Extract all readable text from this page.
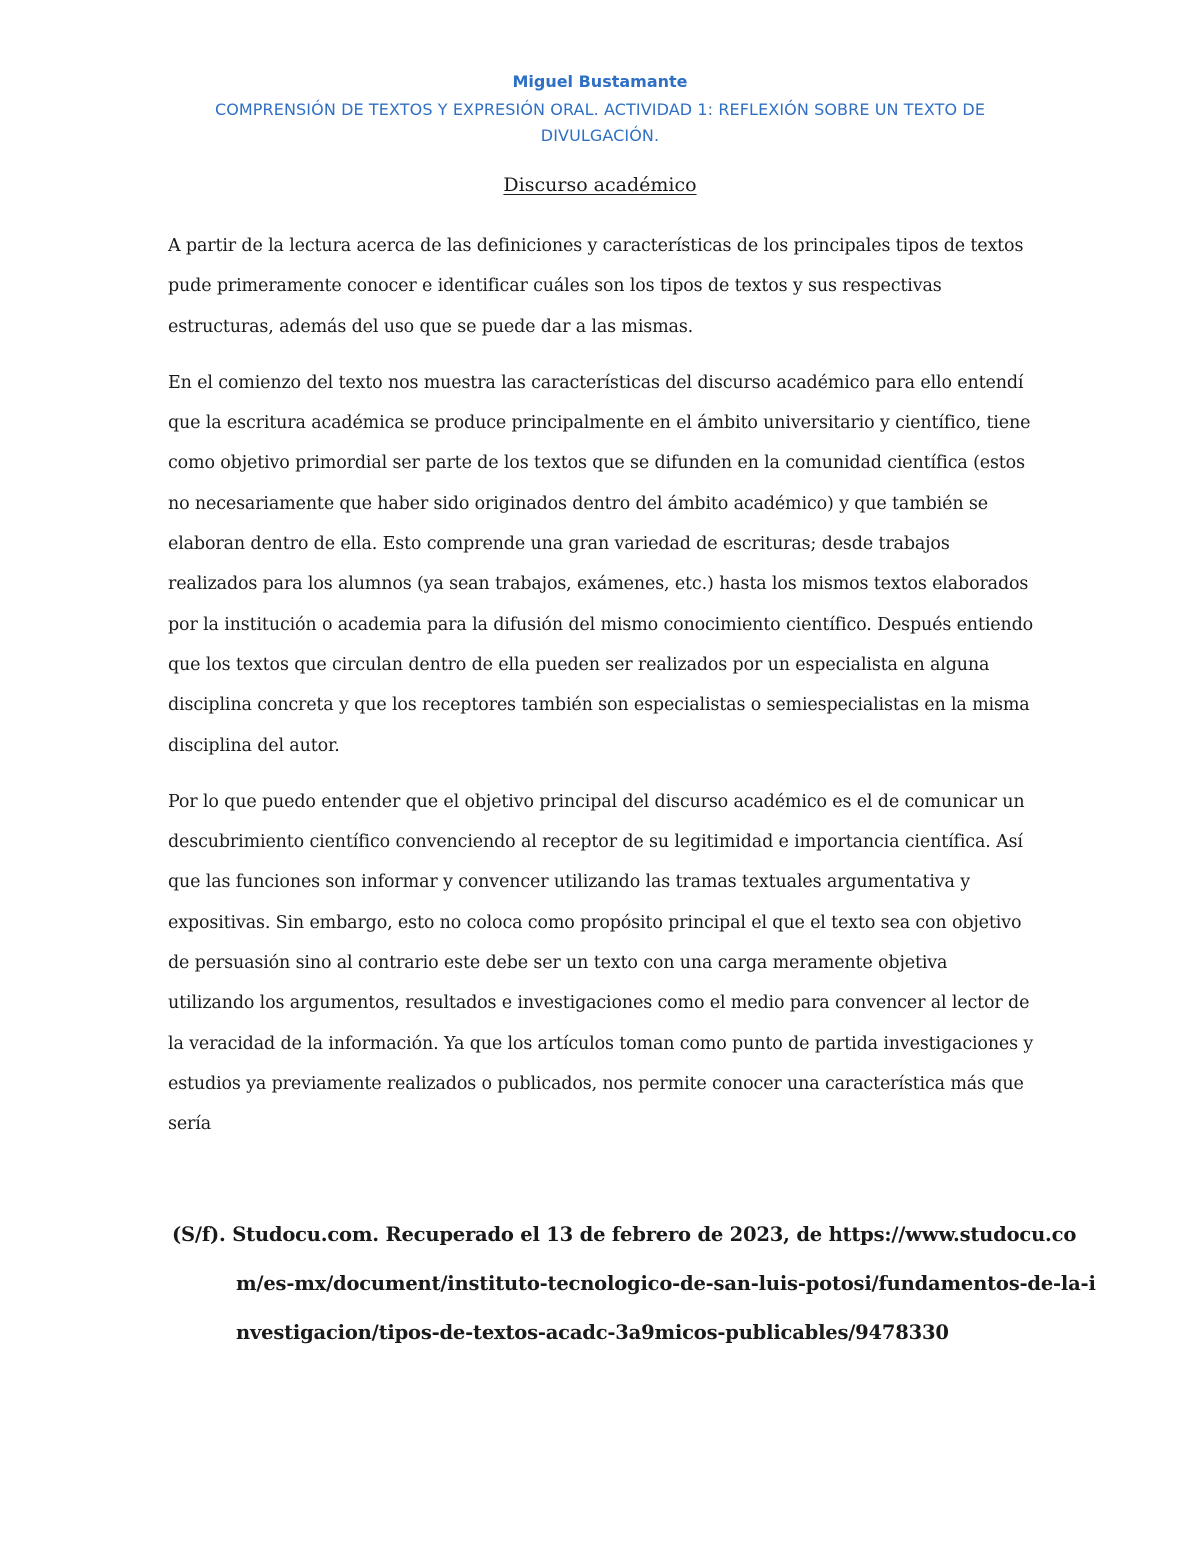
Miguel Bustamante
COMPRENSIÓN DE TEXTOS Y EXPRESIÓN ORAL. ACTIVIDAD 1: REFLEXIÓN SOBRE UN TEXTO DE DIVULGACIÓN.
Discurso académico

A partir de la lectura acerca de las definiciones y características de los principales tipos de textos pude primeramente conocer e identificar cuáles son los tipos de textos y sus respectivas estructuras, además del uso que se puede dar a las mismas.

En el comienzo del texto nos muestra las características del discurso académico para ello entendí que la escritura académica se produce principalmente en el ámbito universitario y científico, tiene como objetivo primordial ser parte de los textos que se difunden en la comunidad científica (estos no necesariamente que haber sido originados dentro del ámbito académico) y que también se elaboran dentro de ella. Esto comprende una gran variedad de escrituras; desde trabajos realizados para los alumnos (ya sean trabajos, exámenes, etc.) hasta los mismos textos elaborados por la institución o academia para la difusión del mismo conocimiento científico. Después entiendo que los textos que circulan dentro de ella pueden ser realizados por un especialista en alguna disciplina concreta y que los receptores también son especialistas o semiespecialistas en la misma disciplina del autor.

Por lo que puedo entender que el objetivo principal del discurso académico es el de comunicar un descubrimiento científico convenciendo al receptor de su legitimidad e importancia científica. Así que las funciones son informar y convencer utilizando las tramas textuales argumentativa y expositivas. Sin embargo, esto no coloca como propósito principal el que el texto sea con objetivo de persuasión sino al contrario este debe ser un texto con una carga meramente objetiva utilizando los argumentos, resultados e investigaciones como el medio para convencer al lector de la veracidad de la información. Ya que los artículos toman como punto de partida investigaciones y estudios ya previamente realizados o publicados, nos permite conocer una característica más que sería

(S/f). Studocu.com. Recuperado el 13 de febrero de 2023, de https://www.studocu.com/es-mx/document/instituto-tecnologico-de-san-luis-potosi/fundamentos-de-la-investigacion/tipos-de-textos-acadc-3a9micos-publicables/9478330
